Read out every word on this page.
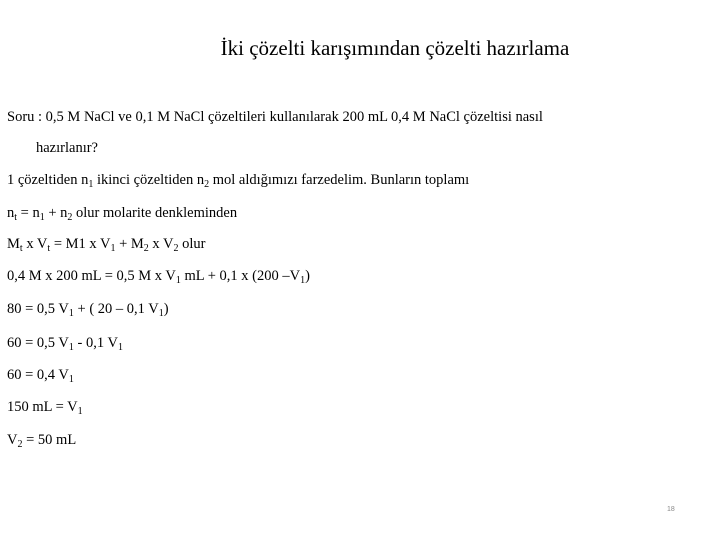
İki çözelti karışımından çözelti hazırlama
Soru : 0,5 M NaCl ve 0,1 M NaCl çözeltileri kullanılarak 200 mL 0,4 M NaCl çözeltisi nasıl
hazırlanır?
1 çözeltiden $n_1$ ikinci çözeltiden $n_2$ mol aldığımızı farzedelim. Bunların toplamı
$n_t = n_1 + n_2$ olur molarite denkleminden
$M_t$ x $V_t = M1$ x $V_1 + M_2$ x $V_2$ olur
0,4 M x 200 mL = 0,5 M x $V_1$ mL + 0,1 x (200 $-V_1$)
80 = 0,5 $V_1$ + ( 20 – 0,1 $V_1$)
60 = 0,5 $V_1 - 0,1$ $V_1$
60 = 0,4 $V_1$
150 mL = $V_1$
$V_2 = 50$ mL
18
